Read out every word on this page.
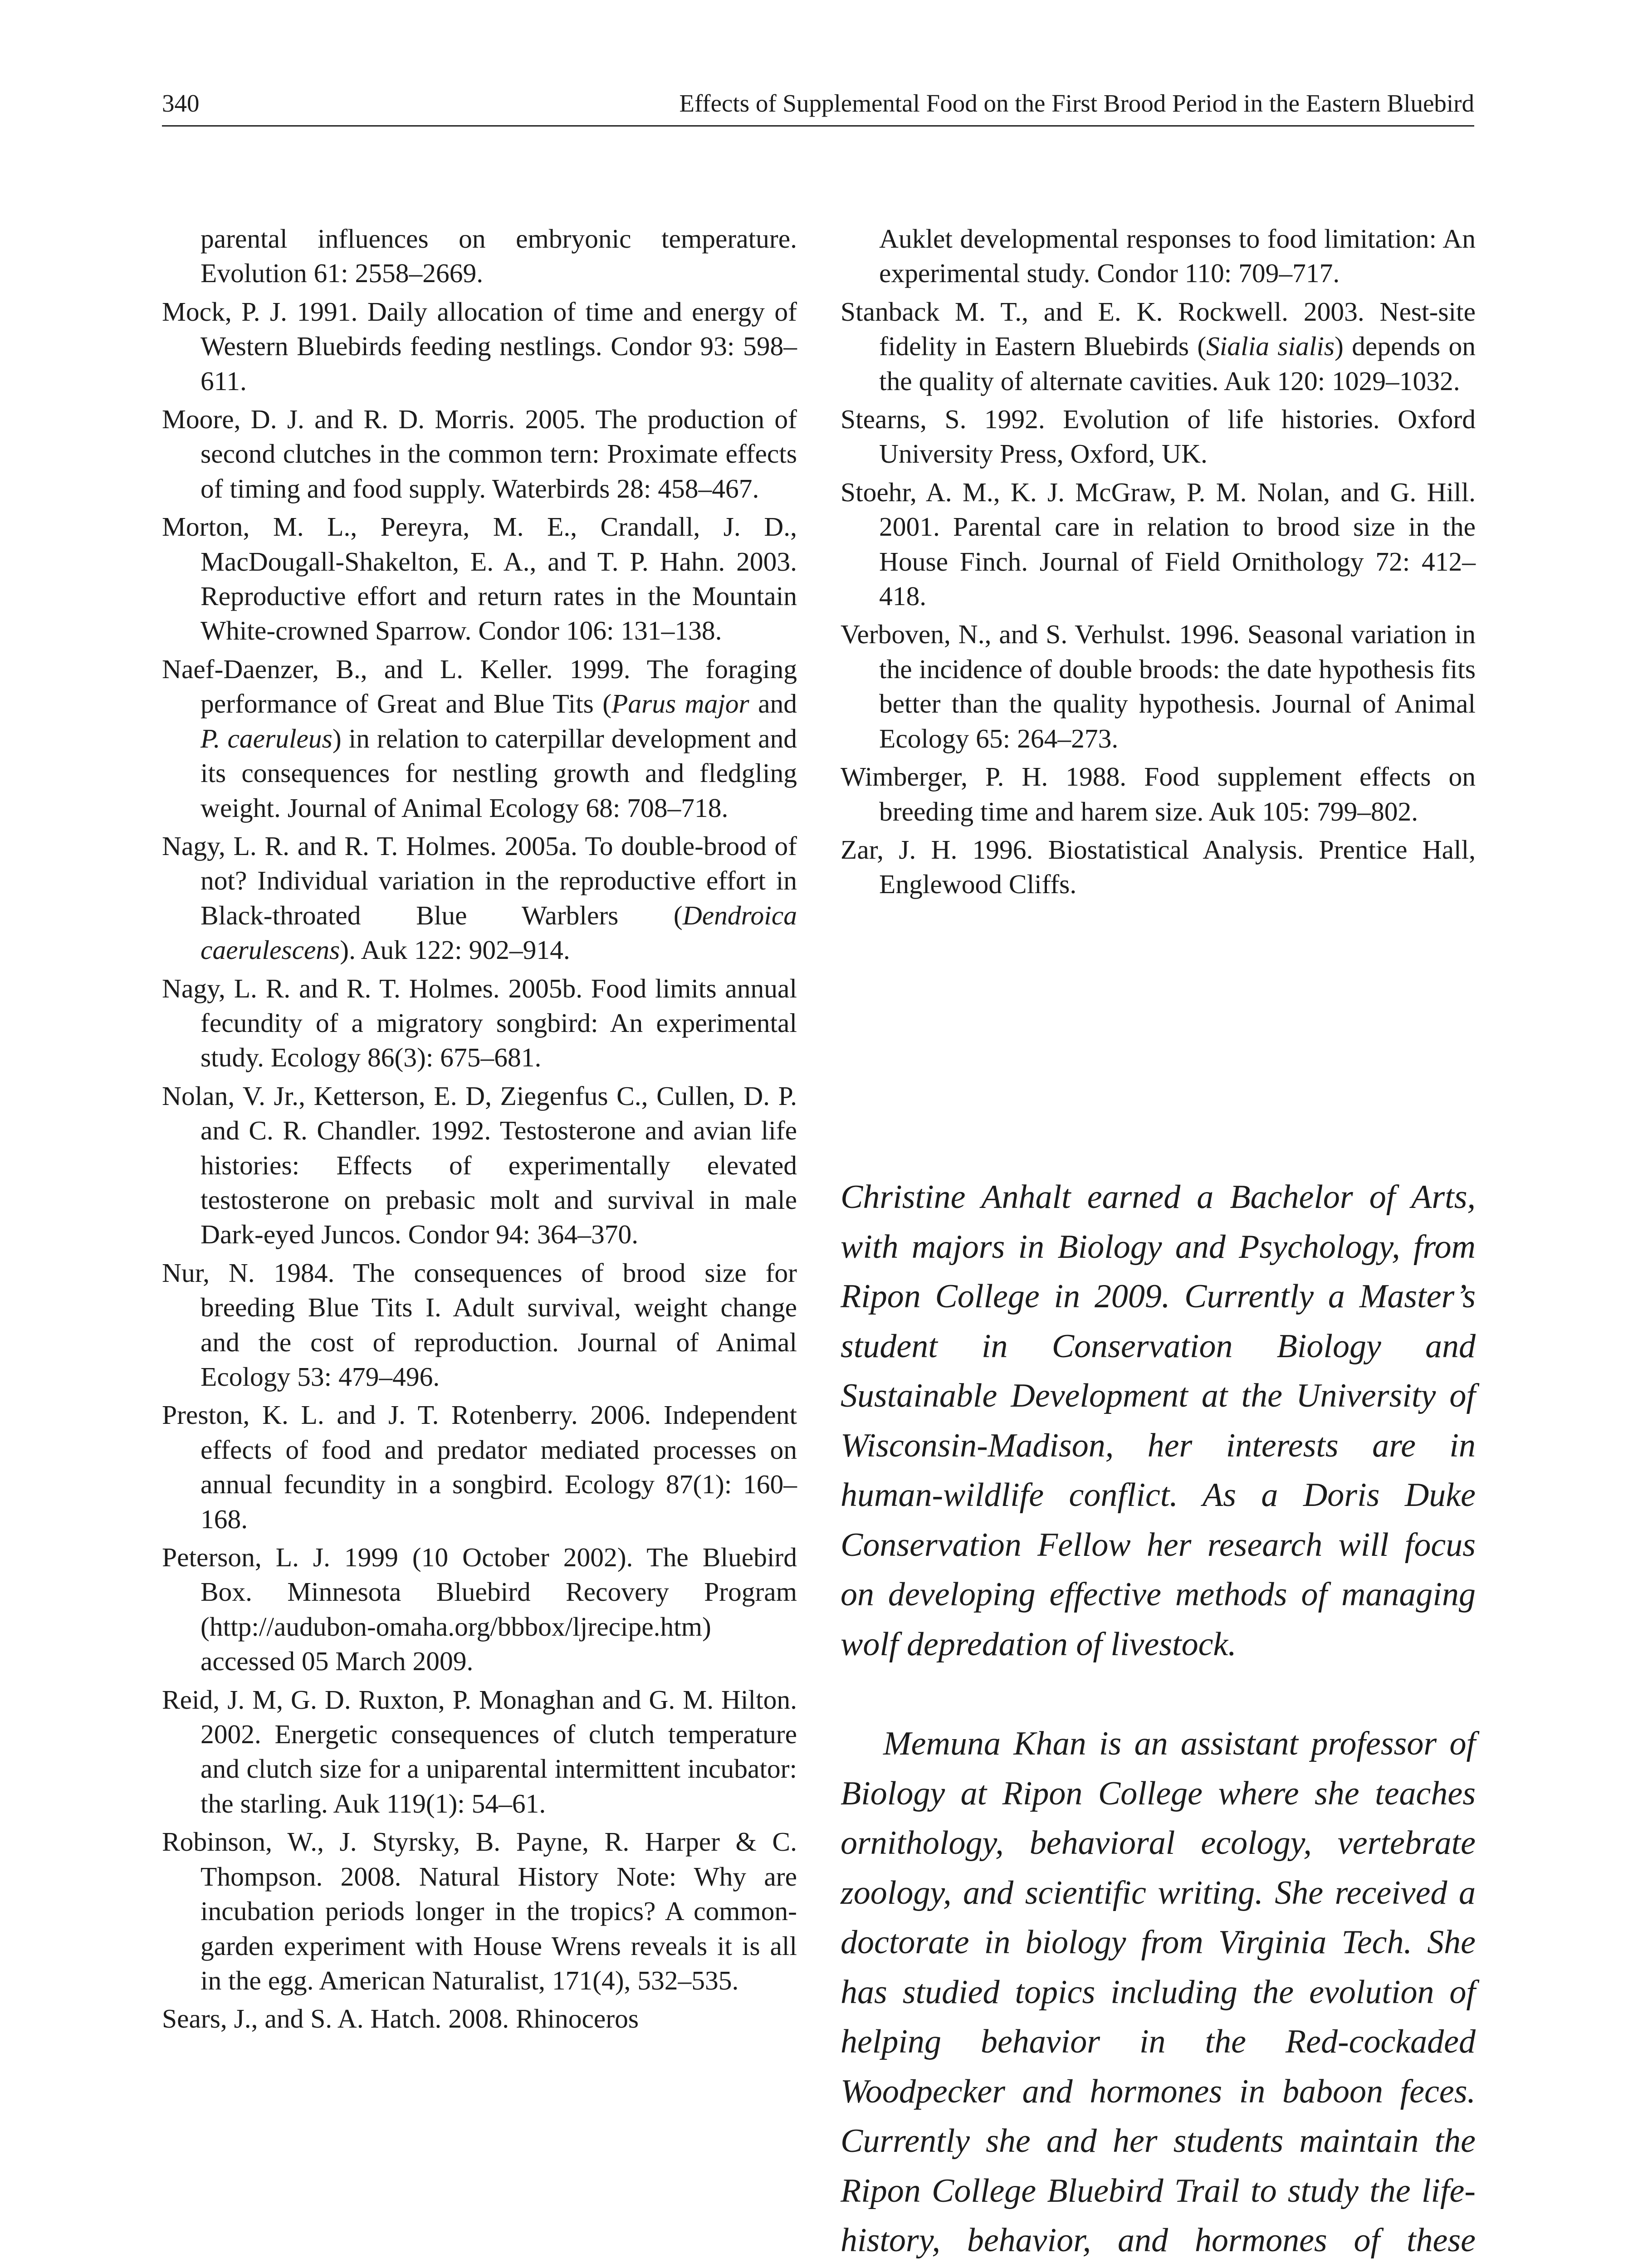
340	Effects of Supplemental Food on the First Brood Period in the Eastern Bluebird

parental influences on embryonic temperature. Evolution 61: 2558–2669.

Mock, P. J. 1991. Daily allocation of time and energy of Western Bluebirds feeding nestlings. Condor 93: 598–611.

Moore, D. J. and R. D. Morris. 2005. The production of second clutches in the common tern: Proximate effects of timing and food supply. Waterbirds 28: 458–467.

Morton, M. L., Pereyra, M. E., Crandall, J. D., MacDougall-Shakelton, E. A., and T. P. Hahn. 2003. Reproductive effort and return rates in the Mountain White-crowned Sparrow. Condor 106: 131–138.

Naef-Daenzer, B., and L. Keller. 1999. The foraging performance of Great and Blue Tits (Parus major and P. caeruleus) in relation to caterpillar development and its consequences for nestling growth and fledgling weight. Journal of Animal Ecology 68: 708–718.

Nagy, L. R. and R. T. Holmes. 2005a. To double-brood of not? Individual variation in the reproductive effort in Black-throated Blue Warblers (Dendroica caerulescens). Auk 122: 902–914.

Nagy, L. R. and R. T. Holmes. 2005b. Food limits annual fecundity of a migratory songbird: An experimental study. Ecology 86(3): 675–681.

Nolan, V. Jr., Ketterson, E. D, Ziegenfus C., Cullen, D. P. and C. R. Chandler. 1992. Testosterone and avian life histories: Effects of experimentally elevated testosterone on prebasic molt and survival in male Dark-eyed Juncos. Condor 94: 364–370.

Nur, N. 1984. The consequences of brood size for breeding Blue Tits I. Adult survival, weight change and the cost of reproduction. Journal of Animal Ecology 53: 479–496.

Preston, K. L. and J. T. Rotenberry. 2006. Independent effects of food and predator mediated processes on annual fecundity in a songbird. Ecology 87(1): 160–168.

Peterson, L. J. 1999 (10 October 2002). The Bluebird Box. Minnesota Bluebird Recovery Program (http://audubon-omaha.org/bbbox/ljrecipe.htm) accessed 05 March 2009.

Reid, J. M, G. D. Ruxton, P. Monaghan and G. M. Hilton. 2002. Energetic consequences of clutch temperature and clutch size for a uniparental intermittent incubator: the starling. Auk 119(1): 54–61.

Robinson, W., J. Styrsky, B. Payne, R. Harper & C. Thompson. 2008. Natural History Note: Why are incubation periods longer in the tropics? A common-garden experiment with House Wrens reveals it is all in the egg. American Naturalist, 171(4), 532–535.

Sears, J., and S. A. Hatch. 2008. Rhinoceros

Auklet developmental responses to food limitation: An experimental study. Condor 110: 709–717.

Stanback M. T., and E. K. Rockwell. 2003. Nest-site fidelity in Eastern Bluebirds (Sialia sialis) depends on the quality of alternate cavities. Auk 120: 1029–1032.

Stearns, S. 1992. Evolution of life histories. Oxford University Press, Oxford, UK.

Stoehr, A. M., K. J. McGraw, P. M. Nolan, and G. Hill. 2001. Parental care in relation to brood size in the House Finch. Journal of Field Ornithology 72: 412–418.

Verboven, N., and S. Verhulst. 1996. Seasonal variation in the incidence of double broods: the date hypothesis fits better than the quality hypothesis. Journal of Animal Ecology 65: 264–273.

Wimberger, P. H. 1988. Food supplement effects on breeding time and harem size. Auk 105: 799–802.

Zar, J. H. 1996. Biostatistical Analysis. Prentice Hall, Englewood Cliffs.

Christine Anhalt earned a Bachelor of Arts, with majors in Biology and Psychology, from Ripon College in 2009. Currently a Master’s student in Conservation Biology and Sustainable Development at the University of Wisconsin-Madison, her interests are in human-wildlife conflict. As a Doris Duke Conservation Fellow her research will focus on developing effective methods of managing wolf depredation of livestock.

Memuna Khan is an assistant professor of Biology at Ripon College where she teaches ornithology, behavioral ecology, vertebrate zoology, and scientific writing. She received a doctorate in biology from Virginia Tech. She has studied topics including the evolution of helping behavior in the Red-cockaded Woodpecker and hormones in baboon feces. Currently she and her students maintain the Ripon College Bluebird Trail to study the life-history, behavior, and hormones of these
